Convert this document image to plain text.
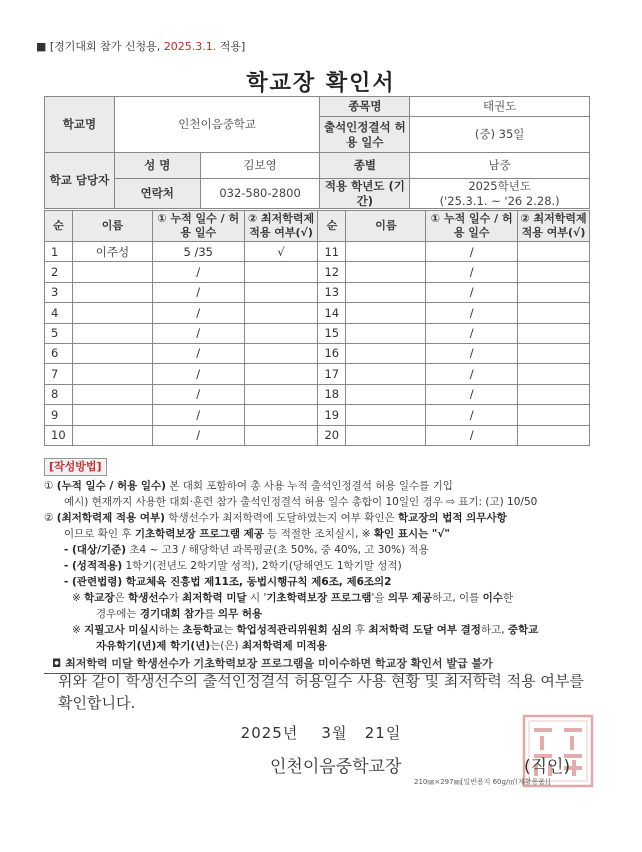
■ [경기대회 참가 신청용, 2025.3.1. 적용]
학교장 확인서
학교명	인천이음중학교		종목명	태권도
			출석인정결석 허용 일수	(중) 35일
학교 담당자	성 명	김보영	종별	남중
	연락처	032-580-2800	적용 학년도 (기간)	2025학년도
('25.3.1. ~ '26 2.28.)
순	이름	① 누적 일수 / 허용 일수	② 최저학력제 적용 여부(√)	순	이름	① 누적 일수 / 허용 일수	② 최저학력제 적용 여부(√)
1	이주성	5 /35	√	11		/	
2		/		12		/	
3		/		13		/	
4		/		14		/	
5		/		15		/	
6		/		16		/	
7		/		17		/	
8		/		18		/	
9		/		19		/	
10		/		20		/	
[작성방법]
① (누적 일수 / 허용 일수) 본 대회 포함하여 총 사용 누적 출석인정결석 허용 일수를 기입
예시) 현재까지 사용한 대회·훈련 참가 출석인정결석 허용 일수 총합이 10일인 경우 ⇨ 표기: (고) 10/50
② (최저학력제 적용 여부) 학생선수가 최저학력에 도달하였는지 여부 확인은 학교장의 법적 의무사항
이므로 확인 후 기초학력보장 프로그램 제공 등 적절한 조치실시, ※ 확인 표시는 "√"
- (대상/기준) 초4 ~ 고3 / 해당학년 과목평균(초 50%, 중 40%, 고 30%) 적용
- (성적적용) 1학기(전년도 2학기말 성적), 2학기(당해연도 1학기말 성적)
- (관련법령) 학교체육 진흥법 제11조, 동법시행규칙 제6조, 제6조의2
※ 학교장은 학생선수가 최저학력 미달 시 '기초학력보장 프로그램'을 의무 제공하고, 이를 이수한
경우에는 경기대회 참가를 의무 허용
※ 지필고사 미실시하는 초등학교는 학업성적관리위원회 심의 후 최저학력 도달 여부 결정하고, 중학교
자유학기(년)제 학기(년)는(은) 최저학력제 미적용
◘ 최저학력 미달 학생선수가 기초학력보장 프로그램을 미이수하면 학교장 확인서 발급 불가
위와 같이 학생선수의 출석인정결석 허용일수 사용 현황 및 최저학력 적용 여부를 확인합니다.
2025년 3월 21일
인천이음중학교장	(직인)
210㎜×297㎜[일반용지 60g/㎡(재활용품)]
